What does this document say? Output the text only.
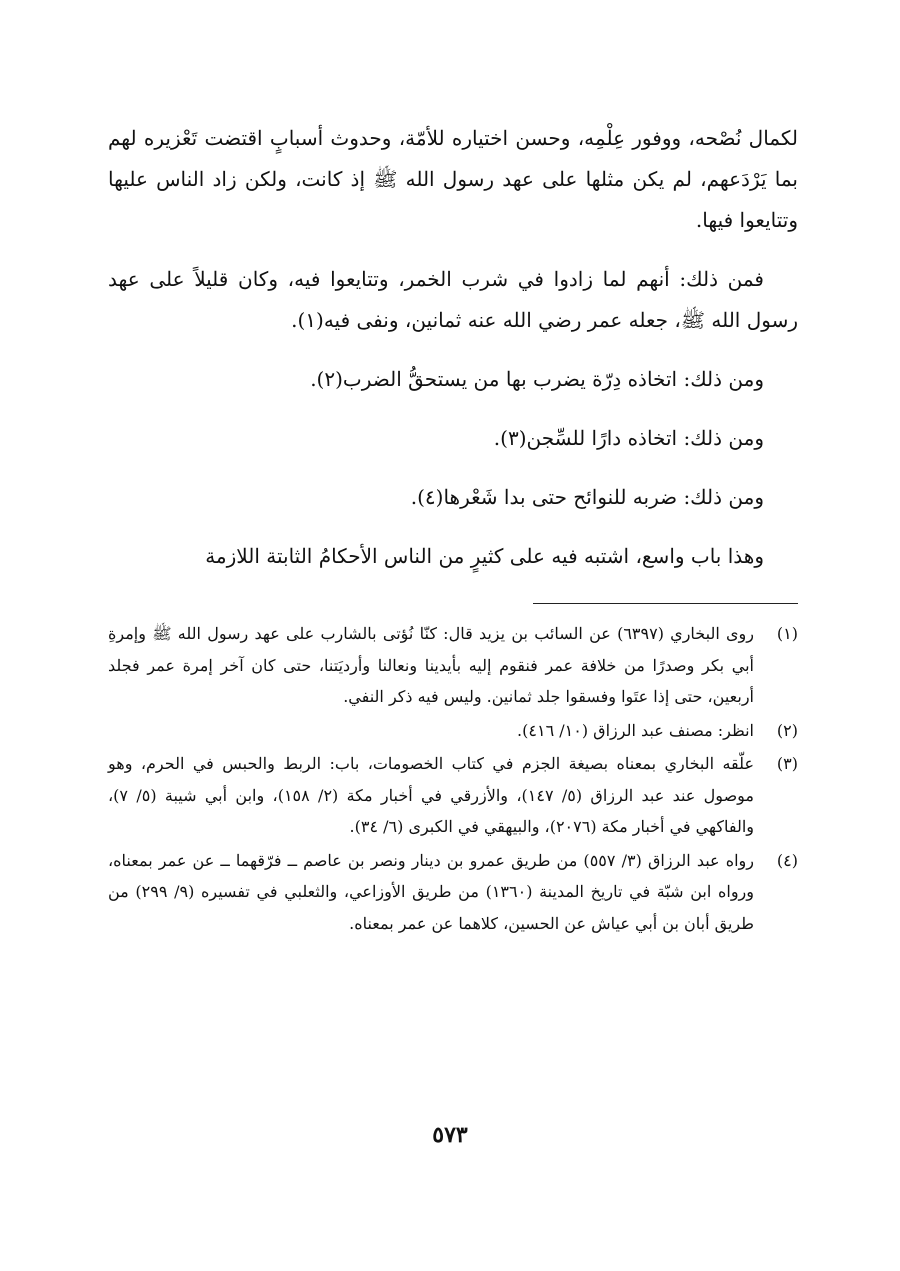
لكمال نُصْحه، ووفور عِلْمِه، وحسن اختياره للأمّة، وحدوث أسبابٍ اقتضت تَعْزيره لهم بما يَرْدَعهم، لم يكن مثلها على عهد رسول الله ﷺ إذ كانت، ولكن زاد الناس عليها وتتايعوا فيها.

فمن ذلك: أنهم لما زادوا في شرب الخمر، وتتايعوا فيه، وكان قليلاً على عهد رسول الله ﷺ، جعله عمر رضي الله عنه ثمانين، ونفى فيه(١).

ومن ذلك: اتخاذه دِرّة يضرب بها من يستحقُّ الضرب(٢).

ومن ذلك: اتخاذه دارًا للسِّجن(٣).

ومن ذلك: ضربه للنوائح حتى بدا شَعْرها(٤).

وهذا باب واسع، اشتبه فيه على كثيرٍ من الناس الأحكامُ الثابتة اللازمة

(١)
روى البخاري (٦٣٩٧) عن السائب بن يزيد قال: كنّا نُؤتى بالشارب على عهد رسول الله ﷺ وإمرةِ أبي بكر وصدرًا من خلافة عمر فنقوم إليه بأيدينا ونعالنا وأرديَتنا، حتى كان آخر إمرة عمر فجلد أربعين، حتى إذا عتَوا وفسقوا جلد ثمانين. وليس فيه ذكر النفي.
(٢)
انظر: مصنف عبد الرزاق (١٠/ ٤١٦).
(٣)
علّقه البخاري بمعناه بصيغة الجزم في كتاب الخصومات، باب: الربط والحبس في الحرم، وهو موصول عند عبد الرزاق (٥/ ١٤٧)، والأزرقي في أخبار مكة (٢/ ١٥٨)، وابن أبي شيبة (٥/ ٧)، والفاكهي في أخبار مكة (٢٠٧٦)، والبيهقي في الكبرى (٦/ ٣٤).
(٤)
رواه عبد الرزاق (٣/ ٥٥٧) من طريق عمرو بن دينار ونصر بن عاصم ــ فرّقهما ــ عن عمر بمعناه، ورواه ابن شبّة في تاريخ المدينة (١٣٦٠) من طريق الأوزاعي، والثعلبي في تفسيره (٩/ ٢٩٩) من طريق أبان بن أبي عياش عن الحسين، كلاهما عن عمر بمعناه.
٥٧٣
